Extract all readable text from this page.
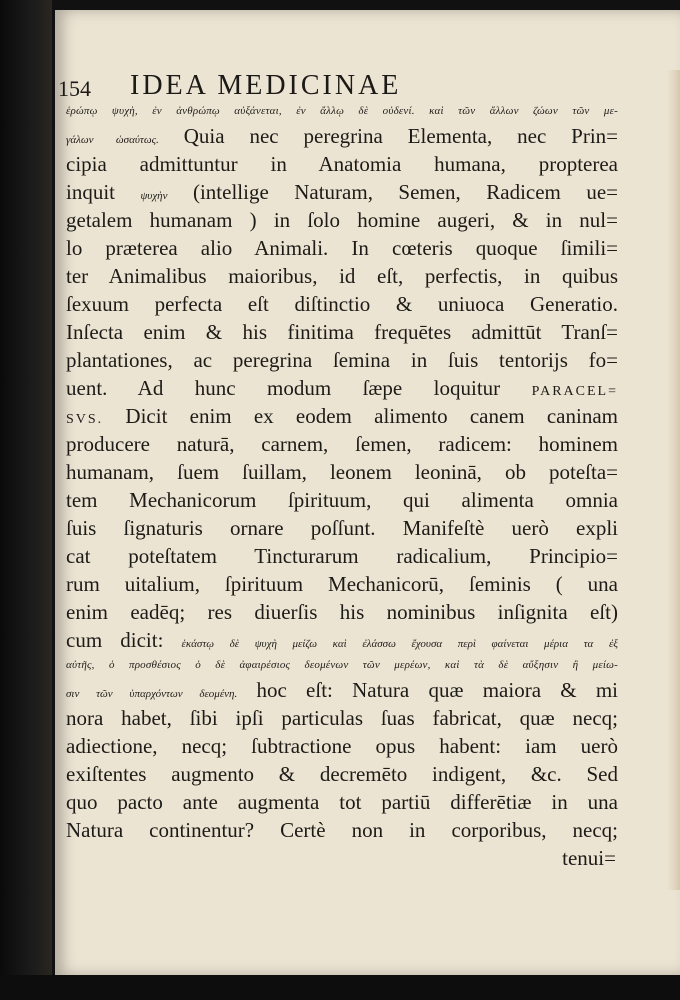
154 IDEA MEDICINAE
ἑρώπῳ ψυχὴ, ἐν ἀνθρώπῳ αὐξάνεται, ἐν ἄλλῳ δὲ οὐδενί. καὶ τῶν ἄλλων ζώων τῶν με-
γάλων ὡσαύτως. Quia nec peregrina Elementa, nec Prin=
cipia admittuntur in Anatomia humana, propterea
inquit ψυχὴν (intellige Naturam, Semen, Radicem ue=
getalem humanam ) in ſolo homine augeri, & in nul=
lo præterea alio Animali. In cœteris quoque ſimili=
ter Animalibus maioribus, id eſt, perfectis, in quibus
ſexuum perfecta eſt diſtinctio & uniuoca Generatio.
Inſecta enim & his finitima frequētes admittūt Tranſ=
plantationes, ac peregrina ſemina in ſuis tentorijs fo=
uent. Ad hunc modum ſæpe loquitur PARACEL=
SVS. Dicit enim ex eodem alimento canem caninam
producere naturā, carnem, ſemen, radicem: hominem
humanam, ſuem ſuillam, leonem leoninā, ob poteſta=
tem Mechanicorum ſpirituum, qui alimenta omnia
ſuis ſignaturis ornare poſſunt. Manifeſtè uerò expli
cat poteſtatem Tincturarum radicalium, Principio=
rum uitalium, ſpirituum Mechanicorū, ſeminis ( una
enim eadēq; res diuerſis his nominibus inſignita eſt)
cum dicit: ἑκάστῳ δὲ ψυχὴ μείζω καὶ ἐλάσσω ἔχουσα περὶ φαίνεται μέρια τα ἐξ
αὐτῆς, ὁ προσθέσιος ὁ δὲ ἀφαιρέσιος δεομένων τῶν μερέων, καὶ τὰ δὲ αὔξησιν ἢ μείω-
σιν τῶν ὑπαρχόντων δεομένη. hoc eſt: Natura quæ maiora & mi
nora habet, ſibi ipſi particulas ſuas fabricat, quæ necq;
adiectione, necq; ſubtractione opus habent: iam uerò
exiſtentes augmento & decremēto indigent, &c. Sed
quo pacto ante augmenta tot partiū differētiæ in una
Natura continentur? Certè non in corporibus, necq;
tenui=
